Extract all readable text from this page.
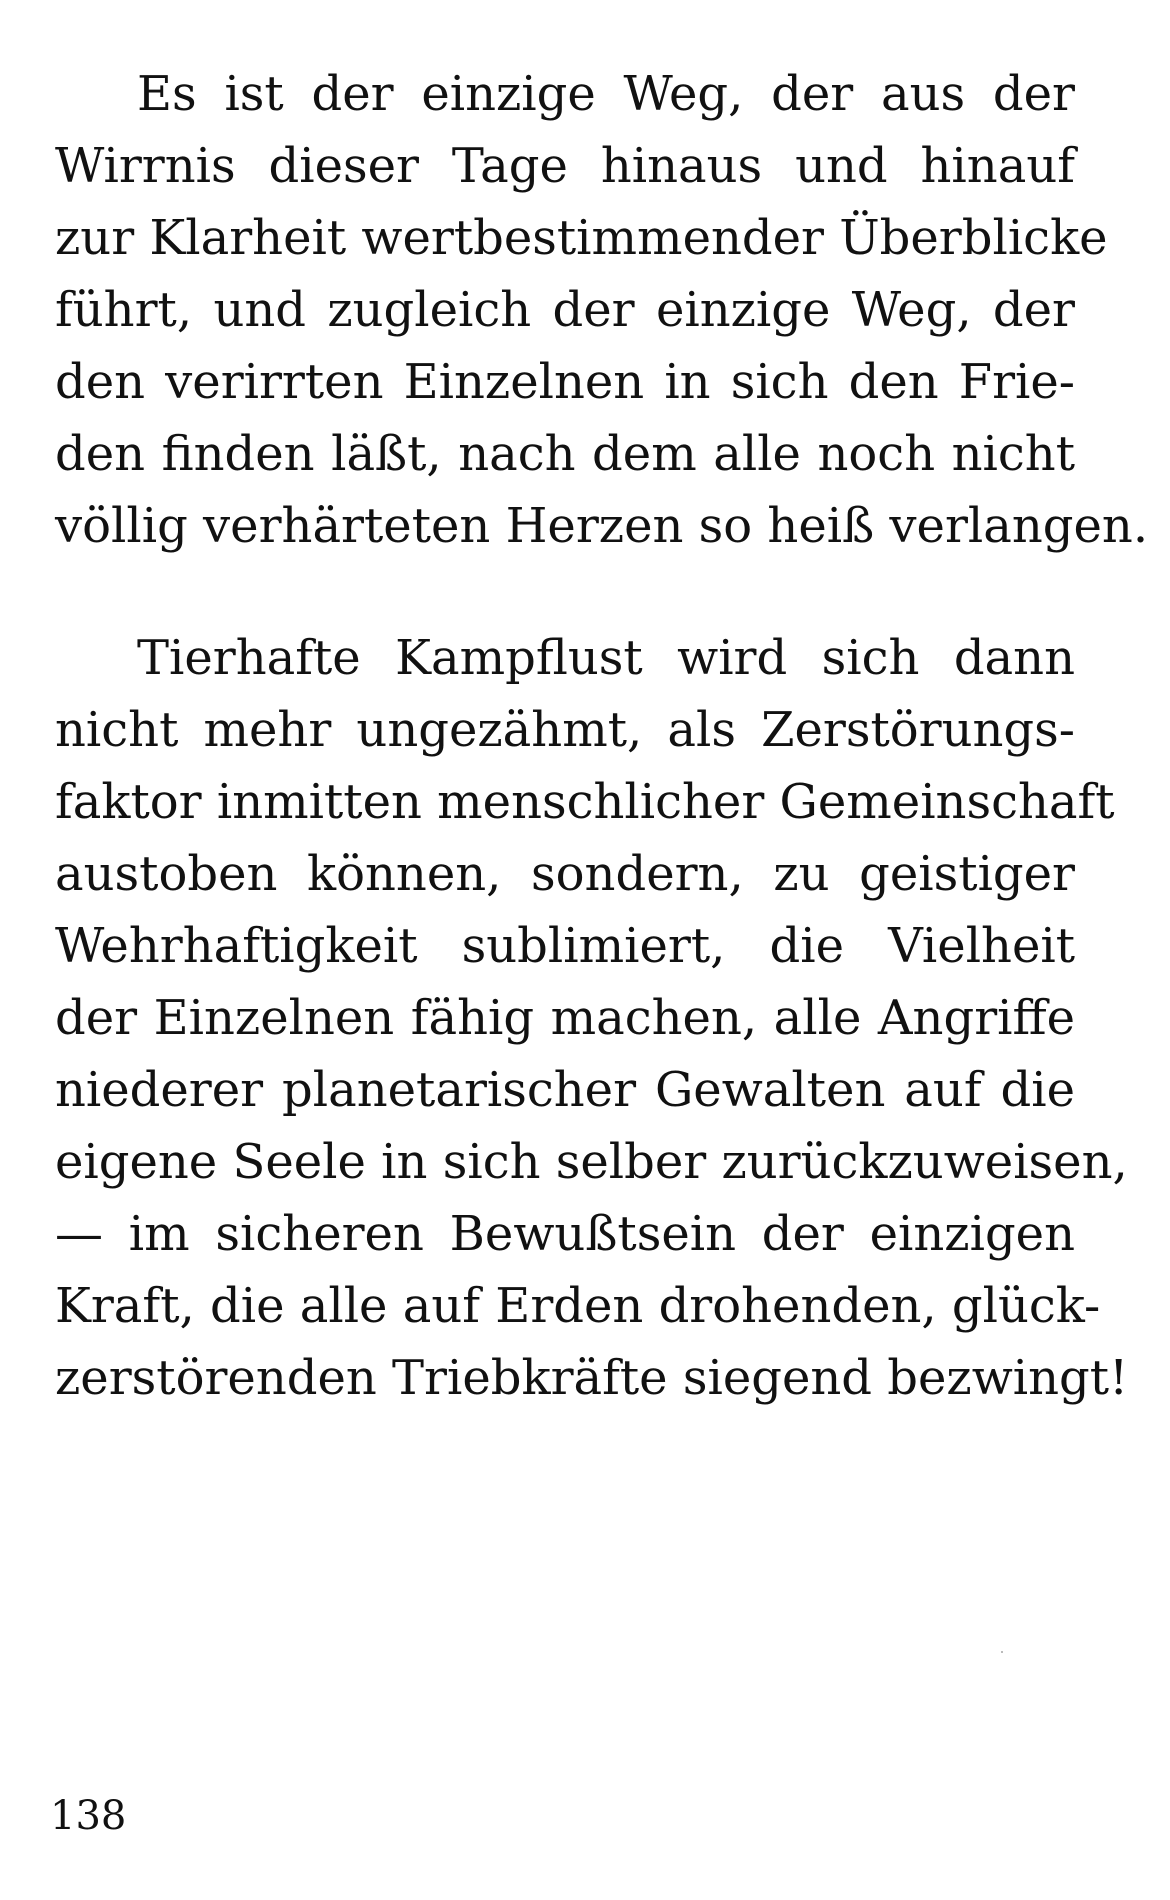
Es ist der einzige Weg, der aus der
Wirrnis dieser Tage hinaus und hinauf
zur Klarheit wertbestimmender Überblicke
führt, und zugleich der einzige Weg, der
den verirrten Einzelnen in sich den Frie-
den finden läßt, nach dem alle noch nicht
völlig verhärteten Herzen so heiß verlangen.
Tierhafte Kampflust wird sich dann
nicht mehr ungezähmt, als Zerstörungs-
faktor inmitten menschlicher Gemeinschaft
austoben können, sondern, zu geistiger
Wehrhaftigkeit sublimiert, die Vielheit
der Einzelnen fähig machen, alle Angriffe
niederer planetarischer Gewalten auf die
eigene Seele in sich selber zurückzuweisen,
— im sicheren Bewußtsein der einzigen
Kraft, die alle auf Erden drohenden, glück-
zerstörenden Triebkräfte siegend bezwingt!
138
